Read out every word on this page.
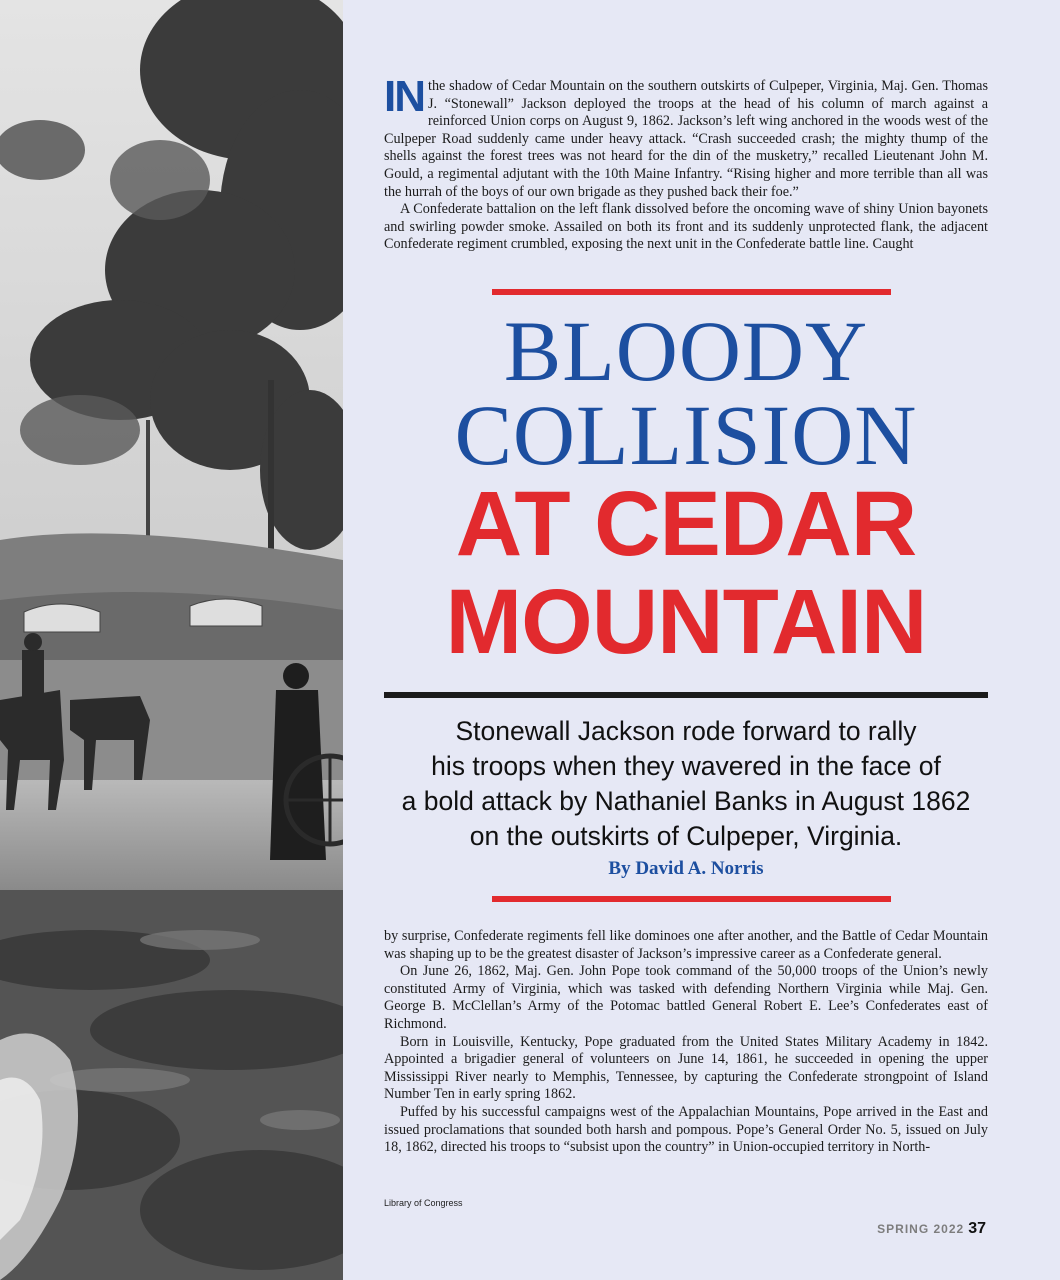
IN the shadow of Cedar Mountain on the southern outskirts of Culpeper, Virginia, Maj. Gen. Thomas J. “Stonewall” Jackson deployed the troops at the head of his column of march against a reinforced Union corps on August 9, 1862. Jackson’s left wing anchored in the woods west of the Culpeper Road suddenly came under heavy attack. “Crash succeeded crash; the mighty thump of the shells against the forest trees was not heard for the din of the musketry,” recalled Lieutenant John M. Gould, a regimental adjutant with the 10th Maine Infantry. “Rising higher and more terrible than all was the hurrah of the boys of our own brigade as they pushed back their foe.”

A Confederate battalion on the left flank dissolved before the oncoming wave of shiny Union bayonets and swirling powder smoke. Assailed on both its front and its suddenly unprotected flank, the adjacent Confederate regiment crumbled, exposing the next unit in the Confederate battle line. Caught

BLOODY
COLLISION
AT CEDAR
MOUNTAIN
Stonewall Jackson rode forward to rally
his troops when they wavered in the face of
a bold attack by Nathaniel Banks in August 1862
on the outskirts of Culpeper, Virginia.
By David A. Norris

by surprise, Confederate regiments fell like dominoes one after another, and the Battle of Cedar Mountain was shaping up to be the greatest disaster of Jackson’s impressive career as a Confederate general.

On June 26, 1862, Maj. Gen. John Pope took command of the 50,000 troops of the Union’s newly constituted Army of Virginia, which was tasked with defending Northern Virginia while Maj. Gen. George B. McClellan’s Army of the Potomac battled General Robert E. Lee’s Confederates east of Richmond.

Born in Louisville, Kentucky, Pope graduated from the United States Military Academy in 1842. Appointed a brigadier general of volunteers on June 14, 1861, he succeeded in opening the upper Mississippi River nearly to Memphis, Tennessee, by capturing the Confederate strongpoint of Island Number Ten in early spring 1862.

Puffed by his successful campaigns west of the Appalachian Mountains, Pope arrived in the East and issued proclamations that sounded both harsh and pompous. Pope’s General Order No. 5, issued on July 18, 1862, directed his troops to “subsist upon the country” in Union-occupied territory in North-

Library of Congress
SPRING 2022 37
